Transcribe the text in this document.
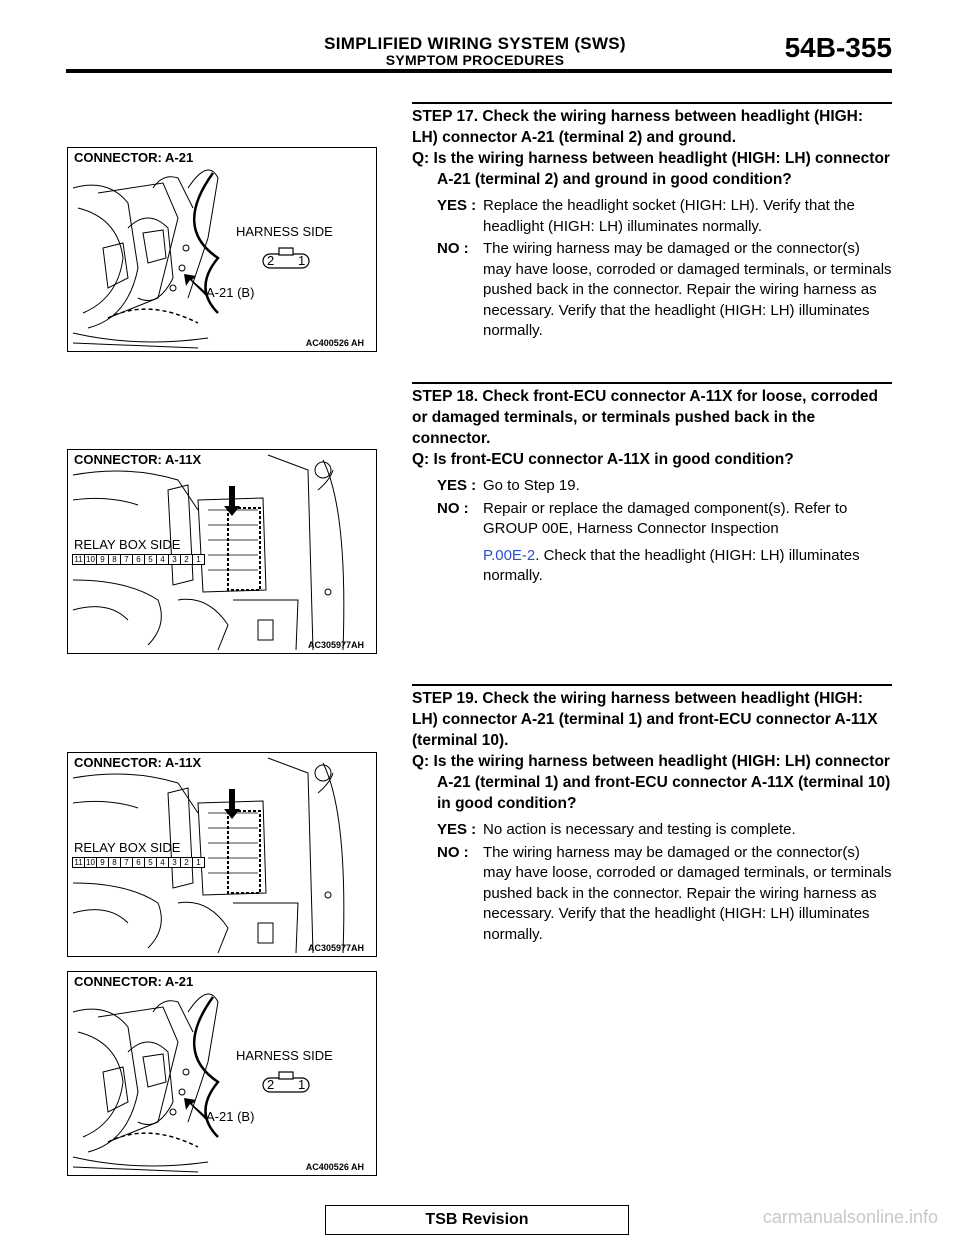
SIMPLIFIED WIRING SYSTEM (SWS)
SYMPTOM PROCEDURES	54B-355
CONNECTOR: A-21
HARNESS SIDE
2 1
A-21 (B)
AC400526 AH
CONNECTOR: A-11X
RELAY BOX SIDE
11 10 9 8 7 6 5 4 3 2 1
AC305977AH
CONNECTOR: A-11X
RELAY BOX SIDE
11 10 9 8 7 6 5 4 3 2 1
AC305977AH
CONNECTOR: A-21
HARNESS SIDE
2 1
A-21 (B)
AC400526 AH
STEP 17. Check the wiring harness between headlight (HIGH: LH) connector A-21 (terminal 2) and ground.
Q: Is the wiring harness between headlight (HIGH: LH) connector A-21 (terminal 2) and ground in good condition?
YES : Replace the headlight socket (HIGH: LH). Verify that the headlight (HIGH: LH) illuminates normally.
NO : The wiring harness may be damaged or the connector(s) may have loose, corroded or damaged terminals, or terminals pushed back in the connector. Repair the wiring harness as necessary. Verify that the headlight (HIGH: LH) illuminates normally.
STEP 18. Check front-ECU connector A-11X for loose, corroded or damaged terminals, or terminals pushed back in the connector.
Q: Is front-ECU connector A-11X in good condition?
YES : Go to Step 19.
NO : Repair or replace the damaged component(s). Refer to GROUP 00E, Harness Connector Inspection
P.00E-2. Check that the headlight (HIGH: LH) illuminates normally.
STEP 19. Check the wiring harness between headlight (HIGH: LH) connector A-21 (terminal 1) and front-ECU connector A-11X (terminal 10).
Q: Is the wiring harness between headlight (HIGH: LH) connector A-21 (terminal 1) and front-ECU connector A-11X (terminal 10) in good condition?
YES : No action is necessary and testing is complete.
NO : The wiring harness may be damaged or the connector(s) may have loose, corroded or damaged terminals, or terminals pushed back in the connector. Repair the wiring harness as necessary. Verify that the headlight (HIGH: LH) illuminates normally.
TSB Revision	carmanualsonline.info
